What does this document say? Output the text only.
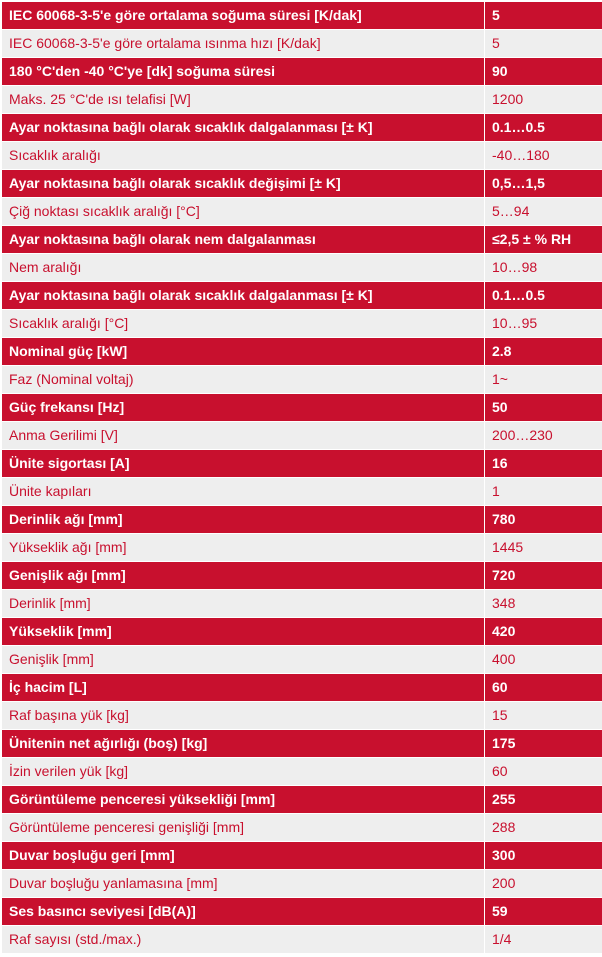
IEC 60068-3-5'e göre ortalama soğuma süresi [K/dak]	5
IEC 60068-3-5'e göre ortalama ısınma hızı [K/dak]	5
180 °C'den -40 °C'ye [dk] soğuma süresi	90
Maks. 25 °C'de ısı telafisi [W]	1200
Ayar noktasına bağlı olarak sıcaklık dalgalanması [± K]	0.1…0.5
Sıcaklık aralığı	-40…180
Ayar noktasına bağlı olarak sıcaklık değişimi [± K]	0,5…1,5
Çiğ noktası sıcaklık aralığı [°C]	5…94
Ayar noktasına bağlı olarak nem dalgalanması	≤2,5 ± % RH
Nem aralığı	10…98
Ayar noktasına bağlı olarak sıcaklık dalgalanması [± K]	0.1…0.5
Sıcaklık aralığı [°C]	10…95
Nominal güç [kW]	2.8
Faz (Nominal voltaj)	1~
Güç frekansı [Hz]	50
Anma Gerilimi [V]	200…230
Ünite sigortası [A]	16
Ünite kapıları	1
Derinlik ağı [mm]	780
Yükseklik ağı [mm]	1445
Genişlik ağı [mm]	720
Derinlik [mm]	348
Yükseklik [mm]	420
Genişlik [mm]	400
İç hacim [L]	60
Raf başına yük [kg]	15
Ünitenin net ağırlığı (boş) [kg]	175
İzin verilen yük [kg]	60
Görüntüleme penceresi yüksekliği [mm]	255
Görüntüleme penceresi genişliği [mm]	288
Duvar boşluğu geri [mm]	300
Duvar boşluğu yanlamasına [mm]	200
Ses basıncı seviyesi [dB(A)]	59
Raf sayısı (std./max.)	1/4
